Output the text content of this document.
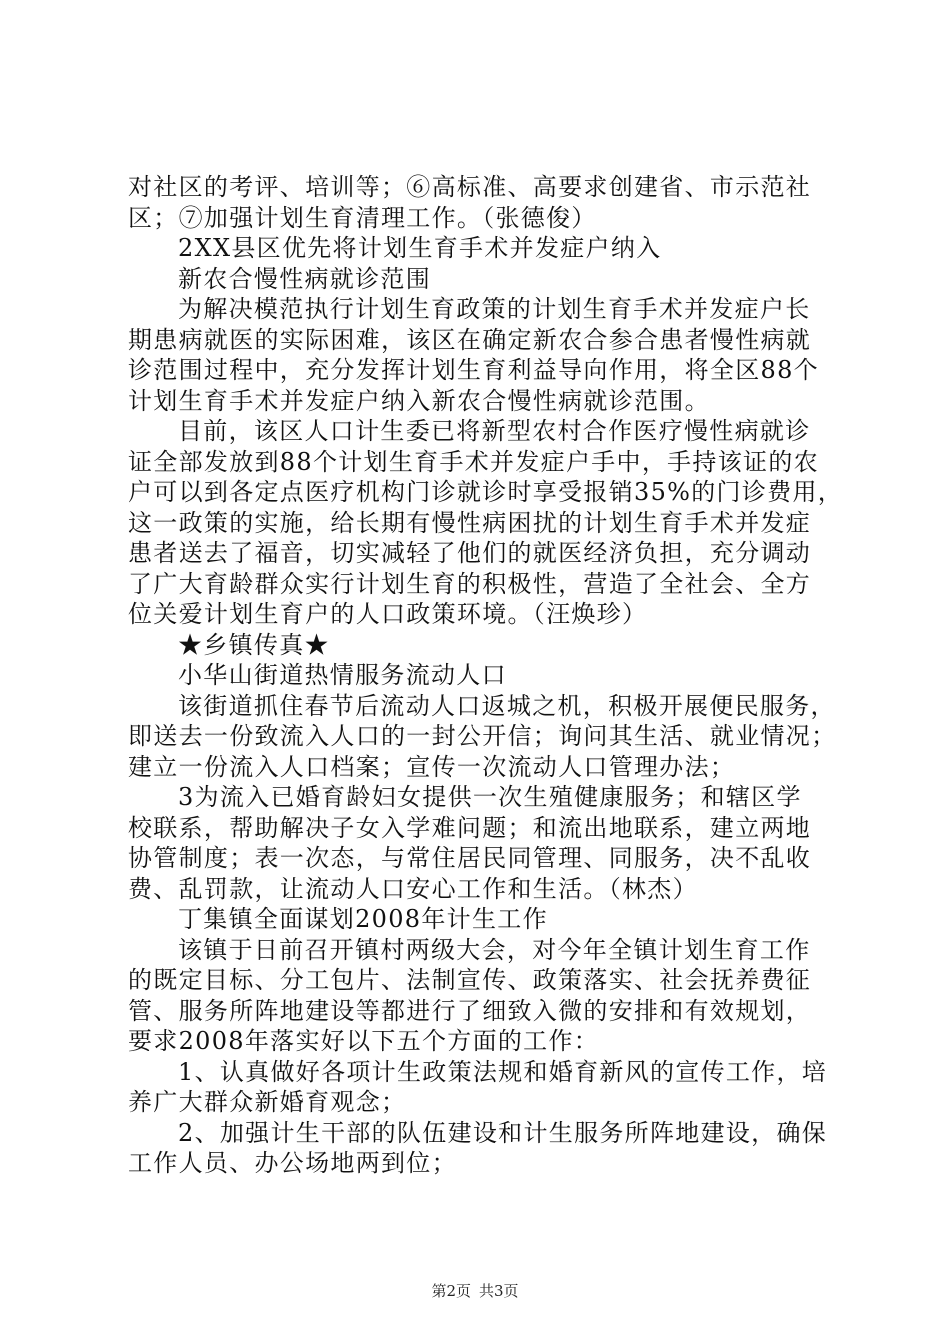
对社区的考评、培训等；⑥高标准、高要求创建省、市示范社
区；⑦加强计划生育清理工作。（张德俊）
2XX县区优先将计划生育手术并发症户纳入
新农合慢性病就诊范围
为解决模范执行计划生育政策的计划生育手术并发症户长
期患病就医的实际困难，该区在确定新农合参合患者慢性病就
诊范围过程中，充分发挥计划生育利益导向作用，将全区88个
计划生育手术并发症户纳入新农合慢性病就诊范围。
目前，该区人口计生委已将新型农村合作医疗慢性病就诊
证全部发放到88个计划生育手术并发症户手中，手持该证的农
户可以到各定点医疗机构门诊就诊时享受报销35%的门诊费用，
这一政策的实施，给长期有慢性病困扰的计划生育手术并发症
患者送去了福音，切实减轻了他们的就医经济负担，充分调动
了广大育龄群众实行计划生育的积极性，营造了全社会、全方
位关爱计划生育户的人口政策环境。（汪焕珍）
★乡镇传真★
小华山街道热情服务流动人口
该街道抓住春节后流动人口返城之机，积极开展便民服务，
即送去一份致流入人口的一封公开信；询问其生活、就业情况；
建立一份流入人口档案；宣传一次流动人口管理办法；
3为流入已婚育龄妇女提供一次生殖健康服务；和辖区学
校联系，帮助解决子女入学难问题；和流出地联系，建立两地
协管制度；表一次态，与常住居民同管理、同服务，决不乱收
费、乱罚款，让流动人口安心工作和生活。（林杰）
丁集镇全面谋划2008年计生工作
该镇于日前召开镇村两级大会，对今年全镇计划生育工作
的既定目标、分工包片、法制宣传、政策落实、社会抚养费征
管、服务所阵地建设等都进行了细致入微的安排和有效规划，
要求2008年落实好以下五个方面的工作：
1、认真做好各项计生政策法规和婚育新风的宣传工作，培
养广大群众新婚育观念；
2、加强计生干部的队伍建设和计生服务所阵地建设，确保
工作人员、办公场地两到位；
第2页 共3页
